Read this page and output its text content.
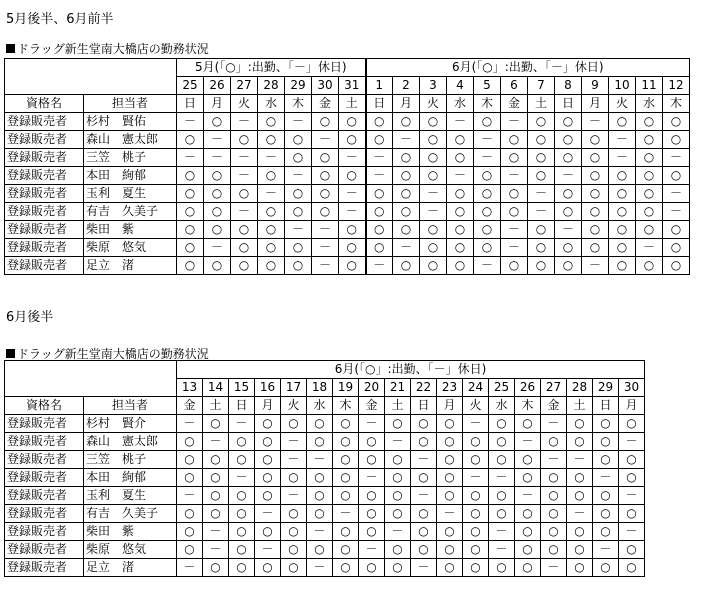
5月後半、6月前半
ドラッグ新生堂南大橋店の勤務状況
		5月(「○」:出勤、「－」休日)							6月(「○」:出勤、「－」休日)											
		25	26	27	28	29	30	31	1	2	3	4	5	6	7	8	9	10	11	12
資格名	担当者	日	月	火	水	木	金	土	日	月	火	水	木	金	土	日	月	火	水	木
登録販売者	杉村　賢佑	－	○	－	○	－	○	○	○	○	○	－	○	－	○	○	－	○	○	○
登録販売者	森山　憲太郎	○	－	○	○	○	－	○	○	－	○	○	－	○	○	○	○	－	○	○
登録販売者	三笠　桃子	－	－	－	－	○	○	－	－	○	○	○	－	○	○	○	○	－	○	－
登録販売者	本田　絢郁	○	○	－	○	－	○	○	－	○	○	－	○	－	○	－	○	○	○	○
登録販売者	玉利　夏生	○	○	○	－	○	○	－	○	○	－	○	○	○	－	○	○	○	○	－
登録販売者	有吉　久美子	○	○	－	○	○	○	－	○	○	－	○	○	○	－	○	○	○	○	－
登録販売者	柴田　紫	○	○	○	○	－	－	○	○	○	○	○	○	－	○	－	○	○	○	○
登録販売者	柴原　悠気	○	－	○	○	○	－	○	○	－	○	○	○	－	○	○	○	○	－	○
登録販売者	足立　渚	○	○	○	○	○	－	○	－	○	○	○	－	○	○	○	－	○	○	○
6月後半
ドラッグ新生堂南大橋店の勤務状況
		6月(「○」:出勤、「－」休日)																	
		13	14	15	16	17	18	19	20	21	22	23	24	25	26	27	28	29	30
資格名	担当者	金	土	日	月	火	水	木	金	土	日	月	火	水	木	金	土	日	月
登録販売者	杉村　賢介	－	○	－	○	○	○	○	－	○	○	○	－	○	○	－	○	○	○
登録販売者	森山　憲太郎	○	－	○	○	－	○	○	○	－	○	○	○	○	－	○	○	○	－
登録販売者	三笠　桃子	○	○	○	○	－	－	○	○	○	－	○	○	○	○	－	－	○	○
登録販売者	本田　絢郁	○	○	－	○	○	○	○	－	○	○	○	－	－	○	○	○	－	○
登録販売者	玉利　夏生	－	○	○	○	－	○	○	○	○	－	○	○	○	－	○	○	○	－
登録販売者	有吉　久美子	○	○	○	－	○	○	－	○	○	○	－	○	○	○	○	－	○	○
登録販売者	柴田　紫	○	－	○	○	○	－	○	○	－	○	○	○	－	○	○	○	○	－
登録販売者	柴原　悠気	○	－	○	－	○	○	○	－	○	○	○	○	－	○	○	○	－	○
登録販売者	足立　渚	－	○	○	○	○	－	○	○	○	－	○	○	○	○	－	○	○	○
